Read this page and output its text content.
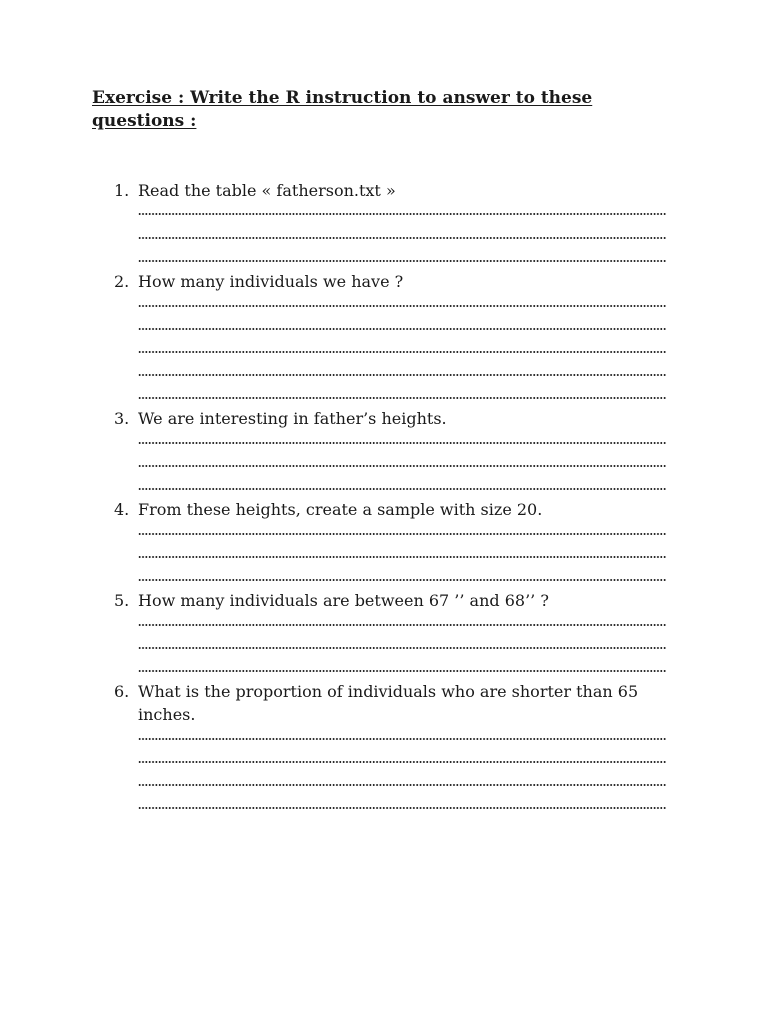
Exercise : Write the R instruction to answer to these questions :
1. Read the table « fatherson.txt »
2. How many individuals we have ?
3. We are interesting in father’s heights.
4. From these heights, create a sample with size 20.
5. How many individuals are between 67 ’’ and 68’’ ?
6. What is the proportion of individuals who are shorter than 65 inches.
